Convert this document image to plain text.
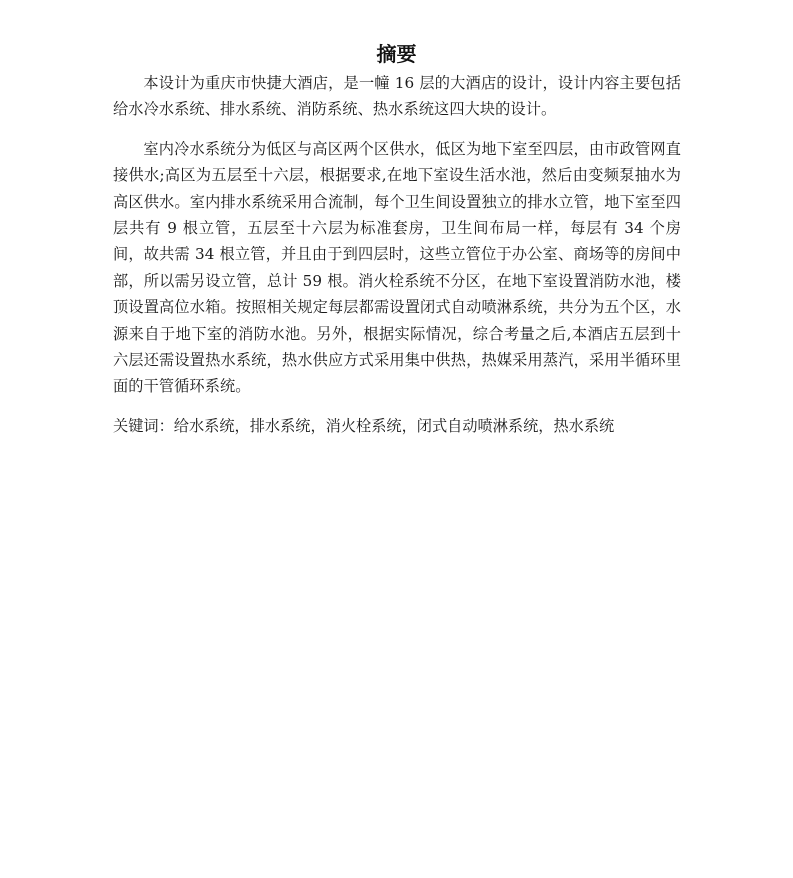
摘要

本设计为重庆市快捷大酒店，是一幢 16 层的大酒店的设计，设计内容主要包括给水冷水系统、排水系统、消防系统、热水系统这四大块的设计。

室内冷水系统分为低区与高区两个区供水，低区为地下室至四层，由市政管网直接供水;高区为五层至十六层，根据要求,在地下室设生活水池，然后由变频泵抽水为高区供水。室内排水系统采用合流制，每个卫生间设置独立的排水立管，地下室至四层共有 9 根立管，五层至十六层为标准套房，卫生间布局一样，每层有 34 个房间，故共需 34 根立管，并且由于到四层时，这些立管位于办公室、商场等的房间中部，所以需另设立管，总计 59 根。消火栓系统不分区，在地下室设置消防水池，楼顶设置高位水箱。按照相关规定每层都需设置闭式自动喷淋系统，共分为五个区，水源来自于地下室的消防水池。另外，根据实际情况，综合考量之后,本酒店五层到十六层还需设置热水系统，热水供应方式采用集中供热，热媒采用蒸汽，采用半循环里面的干管循环系统。

关键词：给水系统，排水系统，消火栓系统，闭式自动喷淋系统，热水系统
